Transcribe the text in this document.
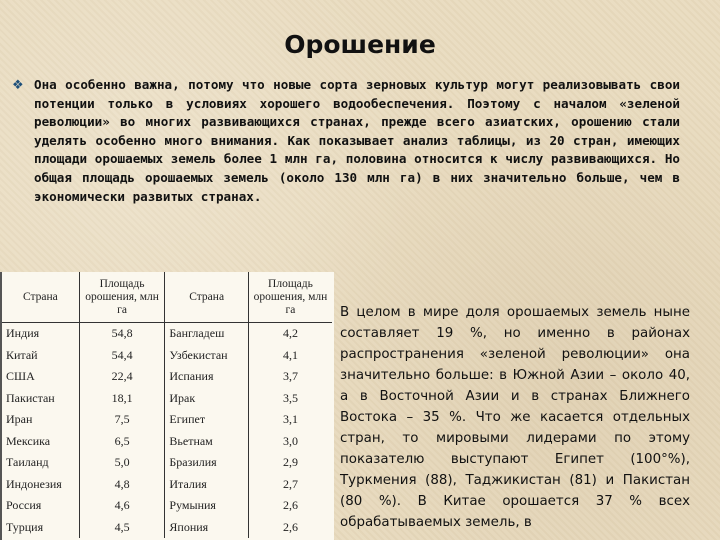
Орошение
❖ Она особенно важна, потому что новые сорта зерновых культур могут реализовывать свои потенции только в условиях хорошего водообеспечения. Поэтому с началом «зеленой революции» во многих развивающихся странах, прежде всего азиатских, орошению стали уделять особенно много внимания. Как показывает анализ таблицы, из 20 стран, имеющих площади орошаемых земель более 1 млн га, половина относится к числу развивающихся. Но общая площадь орошаемых земель (около 130 млн га) в них значительно больше, чем в экономически развитых странах.

Страна	Площадь орошения, млн га	Страна	Площадь орошения, млн га
Индия	54,8	Бангладеш	4,2
Китай	54,4	Узбекистан	4,1
США	22,4	Испания	3,7
Пакистан	18,1	Ирак	3,5
Иран	7,5	Египет	3,1
Мексика	6,5	Вьетнам	3,0
Таиланд	5,0	Бразилия	2,9
Индонезия	4,8	Италия	2,7
Россия	4,6	Румыния	2,6
Турция	4,5	Япония	2,6

В целом в мире доля орошаемых земель ныне составляет 19 %, но именно в районах распространения «зеленой революции» она значительно больше: в Южной Азии – около 40, а в Восточной Азии и в странах Ближнего Востока – 35 %. Что же касается отдельных стран, то мировыми лидерами по этому показателю выступают Египет (100°%), Туркмения (88), Таджикистан (81) и Пакистан (80 %). В Китае орошается 37 % всех обрабатываемых земель, в
